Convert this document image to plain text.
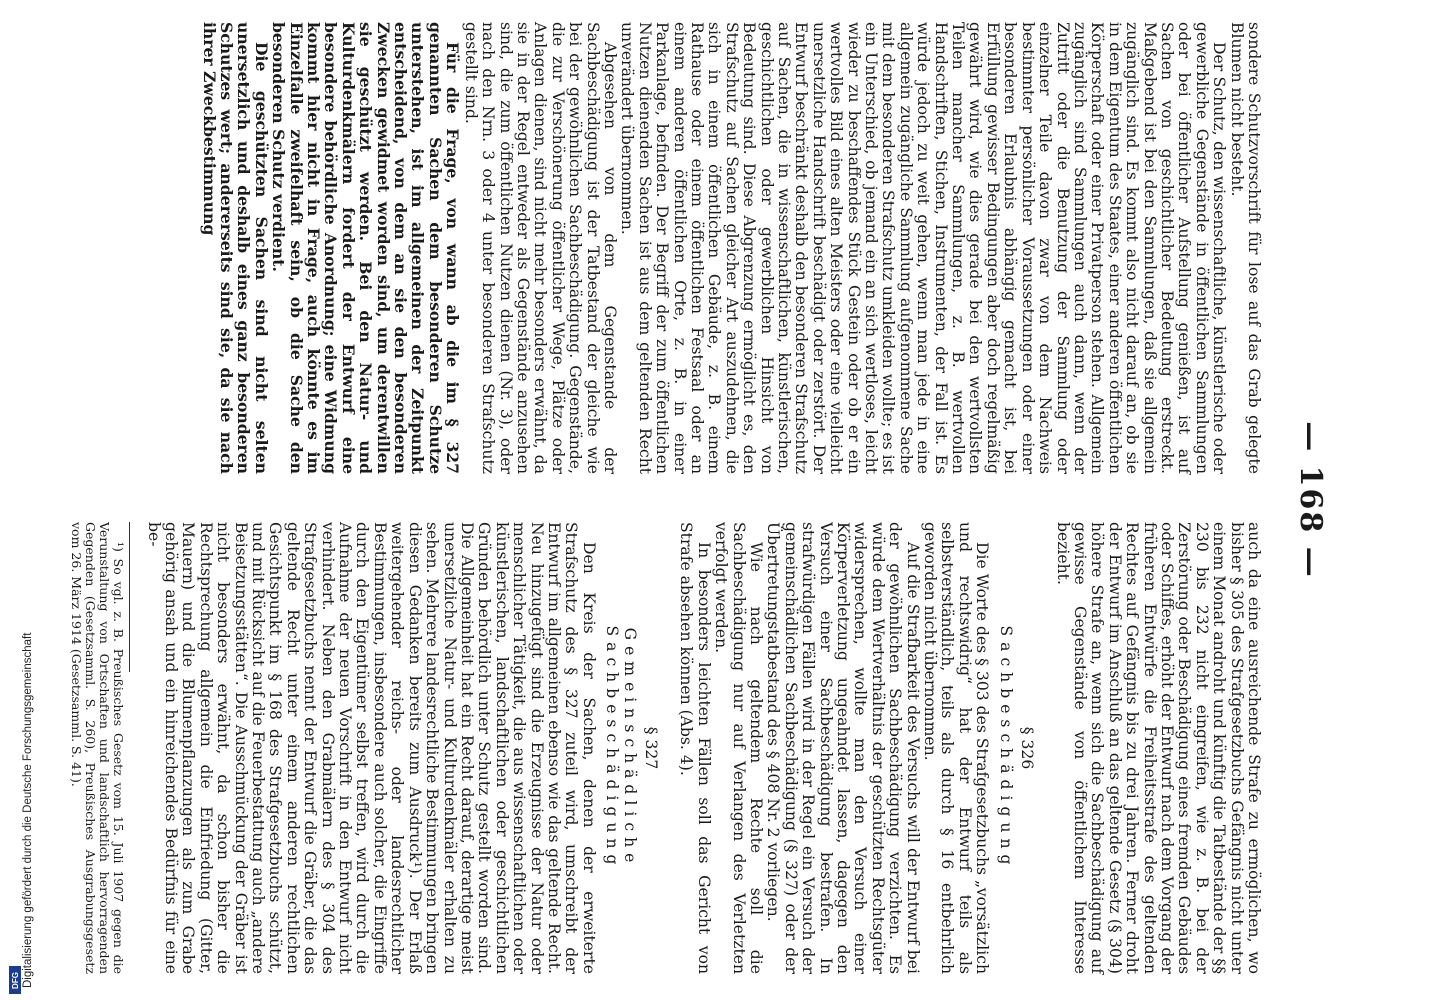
— 168 —

sondere Schutzvorschrift für lose auf das Grab gelegte Blumen nicht besteht.

Der Schutz, den wissenschaftliche, künstlerische oder gewerbliche Gegenstände in öffentlichen Sammlungen oder bei öffentlicher Aufstellung genießen, ist auf Sachen von geschichtlicher Bedeutung erstreckt. Maßgebend ist bei den Sammlungen, daß sie allgemein zugänglich sind. Es kommt also nicht darauf an, ob sie in dem Eigentum des Staates, einer anderen öffentlichen Körperschaft oder einer Privatperson stehen. Allgemein zugänglich sind Sammlungen auch dann, wenn der Zutritt oder die Benutzung der Sammlung oder einzelner Teile davon zwar von dem Nachweis bestimmter persönlicher Voraussetzungen oder einer besonderen Erlaubnis abhängig gemacht ist, bei Erfüllung gewisser Bedingungen aber doch regelmäßig gewährt wird, wie dies gerade bei den wertvollsten Teilen mancher Sammlungen, z. B. wertvollen Handschriften, Stichen, Instrumenten, der Fall ist. Es würde jedoch zu weit gehen, wenn man jede in eine allgemein zugängliche Sammlung aufgenommene Sache mit dem besonderen Strafschutz umkleiden wollte; es ist ein Unterschied, ob jemand ein an sich wertloses, leicht wieder zu beschaffendes Stück Gestein oder ob er ein wertvolles Bild eines alten Meisters oder eine vielleicht unersetzliche Handschrift beschädigt oder zerstört. Der Entwurf beschränkt deshalb den besonderen Strafschutz auf Sachen, die in wissenschaftlichen, künstlerischen, geschichtlichen oder gewerblichen Hinsicht von Bedeutung sind. Diese Abgrenzung ermöglicht es, den Strafschutz auf Sachen gleicher Art auszudehnen, die sich in einem öffentlichen Gebäude, z. B. einem Rathause oder einem öffentlichen Festsaal oder an einem anderen öffentlichen Orte, z. B. in einer Parkanlage, befinden. Der Begriff der zum öffentlichen Nutzen dienenden Sachen ist aus dem geltenden Recht unverändert übernommen.

Abgesehen von dem Gegenstande der Sachbeschädigung ist der Tatbestand der gleiche wie bei der gewöhnlichen Sachbeschädigung. Gegenstände, die zur Verschönerung öffentlicher Wege, Plätze oder Anlagen dienen, sind nicht mehr besonders erwähnt, da sie in der Regel entweder als Gegenstände anzusehen sind, die zum öffentlichen Nutzen dienen (Nr. 3), oder nach den Nrn. 3 oder 4 unter besonderen Strafschutz gestellt sind.

Für die Frage, von wann ab die im § 327 genannten Sachen dem besonderen Schutze unterstehen, ist im allgemeinen der Zeitpunkt entscheidend, von dem an sie den besonderen Zwecken gewidmet worden sind, um derentwillen sie geschützt werden. Bei den Natur- und Kulturdenkmälern fordert der Entwurf eine besondere behördliche Anordnung; eine Widmung kommt hier nicht in Frage, auch könnte es im Einzelfalle zweifelhaft sein, ob die Sache den besonderen Schutz verdient.

Die geschützten Sachen sind nicht selten unersetzlich und deshalb eines ganz besonderen Schutzes wert; andererseits sind sie, da sie nach ihrer Zweckbestimmung

auch da eine ausreichende Strafe zu ermöglichen, wo bisher § 305 des Strafgesetzbuchs Gefängnis nicht unter einem Monat androht und künftig die Tatbestände der §§ 230 bis 232 nicht eingreifen, wie z. B. bei der Zerstörung oder Beschädigung eines fremden Gebäudes oder Schiffes, erhöht der Entwurf nach dem Vorgang der früheren Entwürfe die Freiheitsstrafe des geltenden Rechtes auf Gefängnis bis zu drei Jahren. Ferner droht der Entwurf im Anschluß an das geltende Gesetz (§ 304) höhere Strafe an, wenn sich die Sachbeschädigung auf gewisse Gegenstände von öffentlichem Interesse bezieht.

§ 326
Sachbeschädigung

Die Worte des § 303 des Strafgesetzbuchs „vorsätzlich und rechtswidrig“ hat der Entwurf teils als selbstverständlich, teils als durch § 16 entbehrlich geworden nicht übernommen.

Auf die Strafbarkeit des Versuchs will der Entwurf bei der gewöhnlichen Sachbeschädigung verzichten. Es würde dem Wertverhältnis der geschützten Rechtsgüter widersprechen, wollte man den Versuch einer Körperverletzung ungeahndet lassen, dagegen den Versuch einer Sachbeschädigung bestrafen. In strafwürdigen Fällen wird in der Regel ein Versuch der gemeinschädlichen Sachbeschädigung (§ 327) oder der Übertretungstatbestand des § 408 Nr. 2 vorliegen.

Wie nach geltendem Rechte soll die Sachbeschädigung nur auf Verlangen des Verletzten verfolgt werden.

In besonders leichten Fällen soll das Gericht von Strafe absehen können (Abs. 4).

§ 327
Gemeinschädliche Sachbeschädigung

Den Kreis der Sachen, denen der erweiterte Strafschutz des § 327 zuteil wird, umschreibt der Entwurf im allgemeinen ebenso wie das geltende Recht. Neu hinzugefügt sind die Erzeugnisse der Natur oder menschlicher Tätigkeit, die aus wissenschaftlichen oder künstlerischen, landschaftlichen oder geschichtlichen Gründen behördlich unter Schutz gestellt worden sind. Die Allgemeinheit hat ein Recht darauf, derartige meist unersetzliche Natur- und Kulturdenkmäler erhalten zu sehen. Mehrere landesrechtliche Bestimmungen bringen diesen Gedanken bereits zum Ausdruck¹). Der Erlaß weitergehender reichs- oder landesrechtlicher Bestimmungen, insbesondere auch solcher, die Eingriffe durch den Eigentümer selbst treffen, wird durch die Aufnahme der neuen Vorschrift in den Entwurf nicht verhindert. Neben den Grabmälern des § 304 des Strafgesetzbuchs nennt der Entwurf die Gräber, die das geltende Recht unter einem anderen rechtlichen Gesichtspunkt im § 168 des Strafgesetzbuchs schützt, und mit Rücksicht auf die Feuerbestattung auch „andere Beisetzungsstätten“. Die Ausschmückung der Gräber ist nicht besonders erwähnt, da schon bisher die Rechtsprechung allgemein die Einfriedung (Gitter, Mauern) und die Blumenpflanzungen als zum Grabe gehörig ansah und ein hinreichendes Bedürfnis für eine be-

¹) So vgl. z. B. Preußisches Gesetz vom 15. Juli 1907 gegen die Verunstaltung von Ortschaften und landschaftlich hervorragenden Gegenden (Gesetzsamml. S. 260), Preußisches Ausgrabungsgesetz vom 26. März 1914 (Gesetzsamml. S. 41).

Digitalisierung gefördert durch die Deutsche Forschungsgemeinschaft
DFG
